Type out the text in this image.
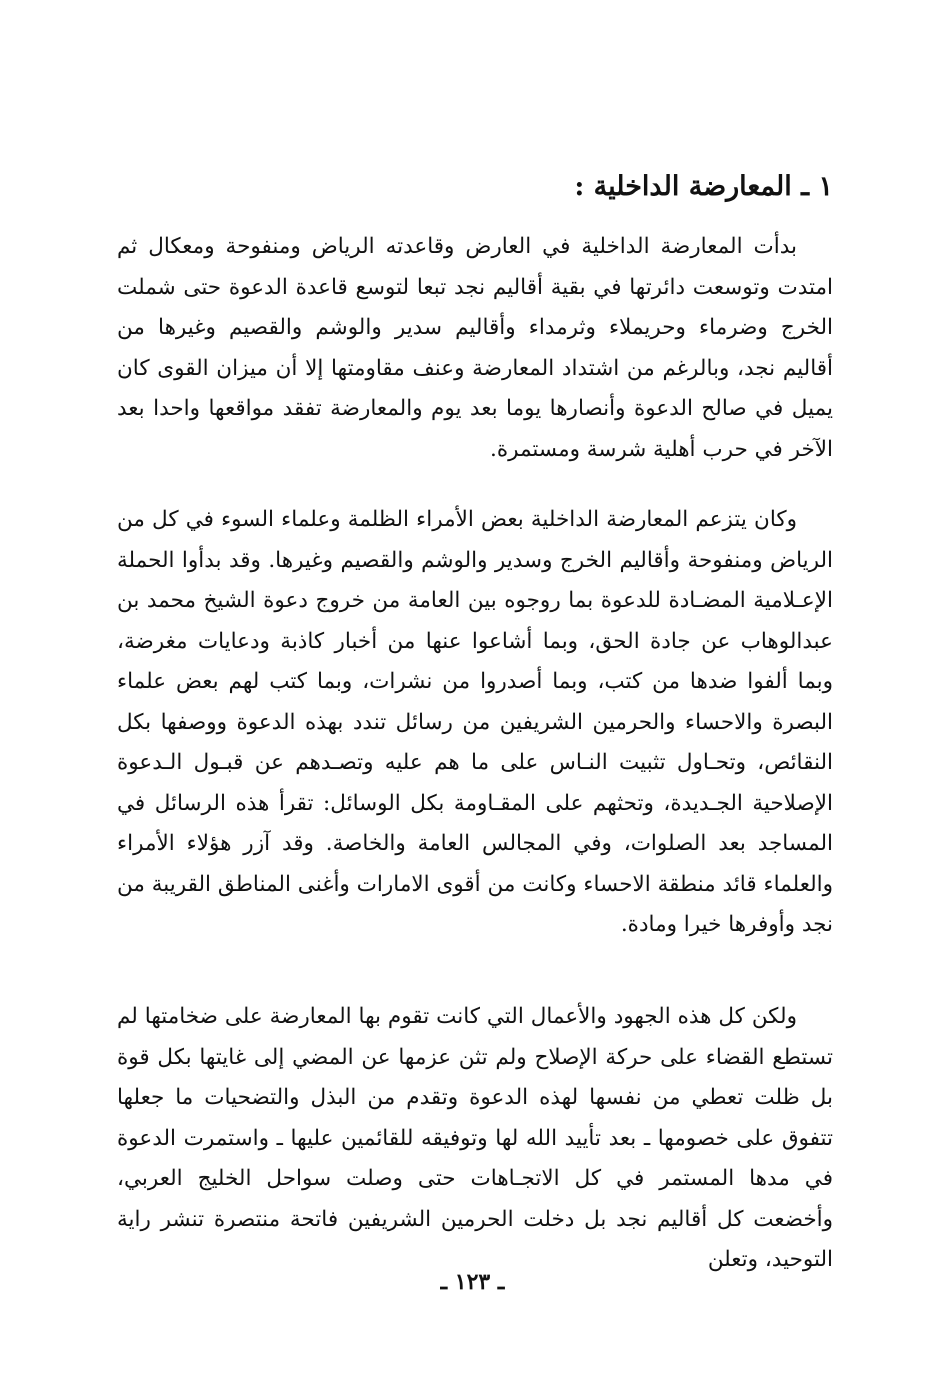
١ ـ المعارضة الداخلية :

بدأت المعارضة الداخلية في العارض وقاعدته الرياض ومنفوحة ومعكال ثم امتدت وتوسعت دائرتها في بقية أقاليم نجد تبعا لتوسع قاعدة الدعوة حتى شملت الخرج وضرماء وحريملاء وثرمداء وأقاليم سدير والوشم والقصيم وغيرها من أقاليم نجد، وبالرغم من اشتداد المعارضة وعنف مقاومتها إلا أن ميزان القوى كان يميل في صالح الدعوة وأنصارها يوما بعد يوم والمعارضة تفقد مواقعها واحدا بعد الآخر في حرب أهلية شرسة ومستمرة.

وكان يتزعم المعارضة الداخلية بعض الأمراء الظلمة وعلماء السوء في كل من الرياض ومنفوحة وأقاليم الخرج وسدير والوشم والقصيم وغيرها. وقد بدأوا الحملة الإعـلامية المضـادة للدعوة بما روجوه بين العامة من خروج دعوة الشيخ محمد بن عبدالوهاب عن جادة الحق، وبما أشاعوا عنها من أخبار كاذبة ودعايات مغرضة، وبما ألفوا ضدها من كتب، وبما أصدروا من نشرات، وبما كتب لهم بعض علماء البصرة والاحساء والحرمين الشريفين من رسائل تندد بهذه الدعوة ووصفها بكل النقائص، وتحـاول تثبيت النـاس على ما هم عليه وتصـدهم عن قبـول الـدعوة الإصلاحية الجـديدة، وتحثهم على المقـاومة بكل الوسائل: تقرأ هذه الرسائل في المساجد بعد الصلوات، وفي المجالس العامة والخاصة. وقد آزر هؤلاء الأمراء والعلماء قائد منطقة الاحساء وكانت من أقوى الامارات وأغنى المناطق القريبة من نجد وأوفرها خيرا ومادة.

ولكن كل هذه الجهود والأعمال التي كانت تقوم بها المعارضة على ضخامتها لم تستطع القضاء على حركة الإصلاح ولم تثن عزمها عن المضي إلى غايتها بكل قوة بل ظلت تعطي من نفسها لهذه الدعوة وتقدم من البذل والتضحيات ما جعلها تتفوق على خصومها ـ بعد تأييد الله لها وتوفيقه للقائمين عليها ـ واستمرت الدعوة في مدها المستمر في كل الاتجـاهات حتى وصلت سواحل الخليج العربي، وأخضعت كل أقاليم نجد بل دخلت الحرمين الشريفين فاتحة منتصرة تنشر راية التوحيد، وتعلن

ـ ١٢٣ ـ
